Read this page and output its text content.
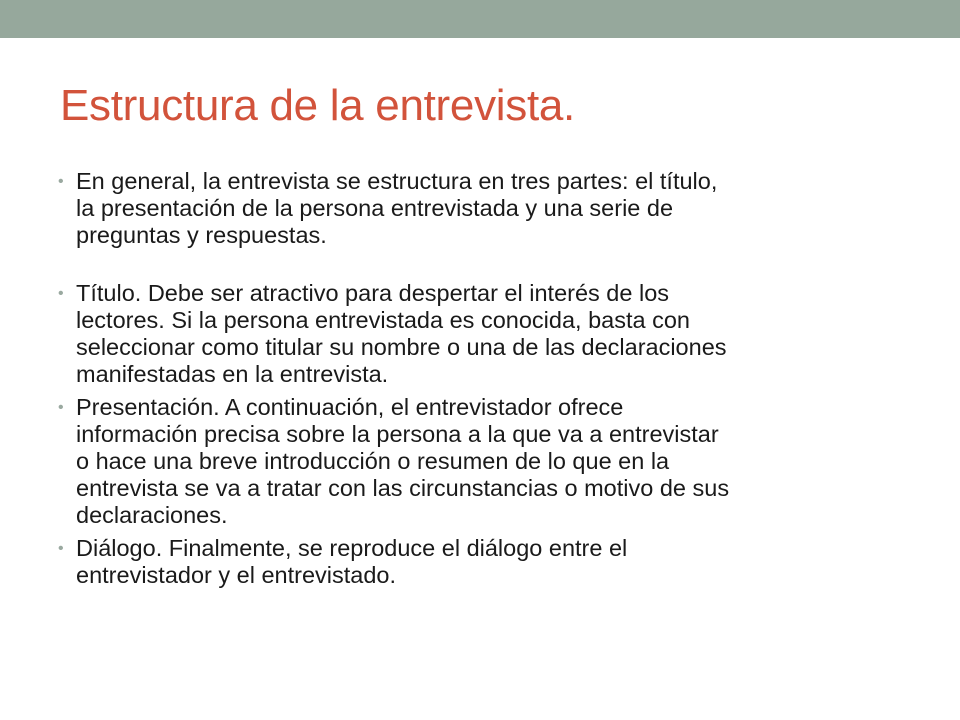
Estructura de la entrevista.
• En general, la entrevista se estructura en tres partes: el título,
la presentación de la persona entrevistada y una serie de
preguntas y respuestas.
• Título. Debe ser atractivo para despertar el interés de los
lectores. Si la persona entrevistada es conocida, basta con
seleccionar como titular su nombre o una de las declaraciones
manifestadas en la entrevista.
• Presentación. A continuación, el entrevistador ofrece
información precisa sobre la persona a la que va a entrevistar
o hace una breve introducción o resumen de lo que en la
entrevista se va a tratar con las circunstancias o motivo de sus
declaraciones.
• Diálogo. Finalmente, se reproduce el diálogo entre el
entrevistador y el entrevistado.
